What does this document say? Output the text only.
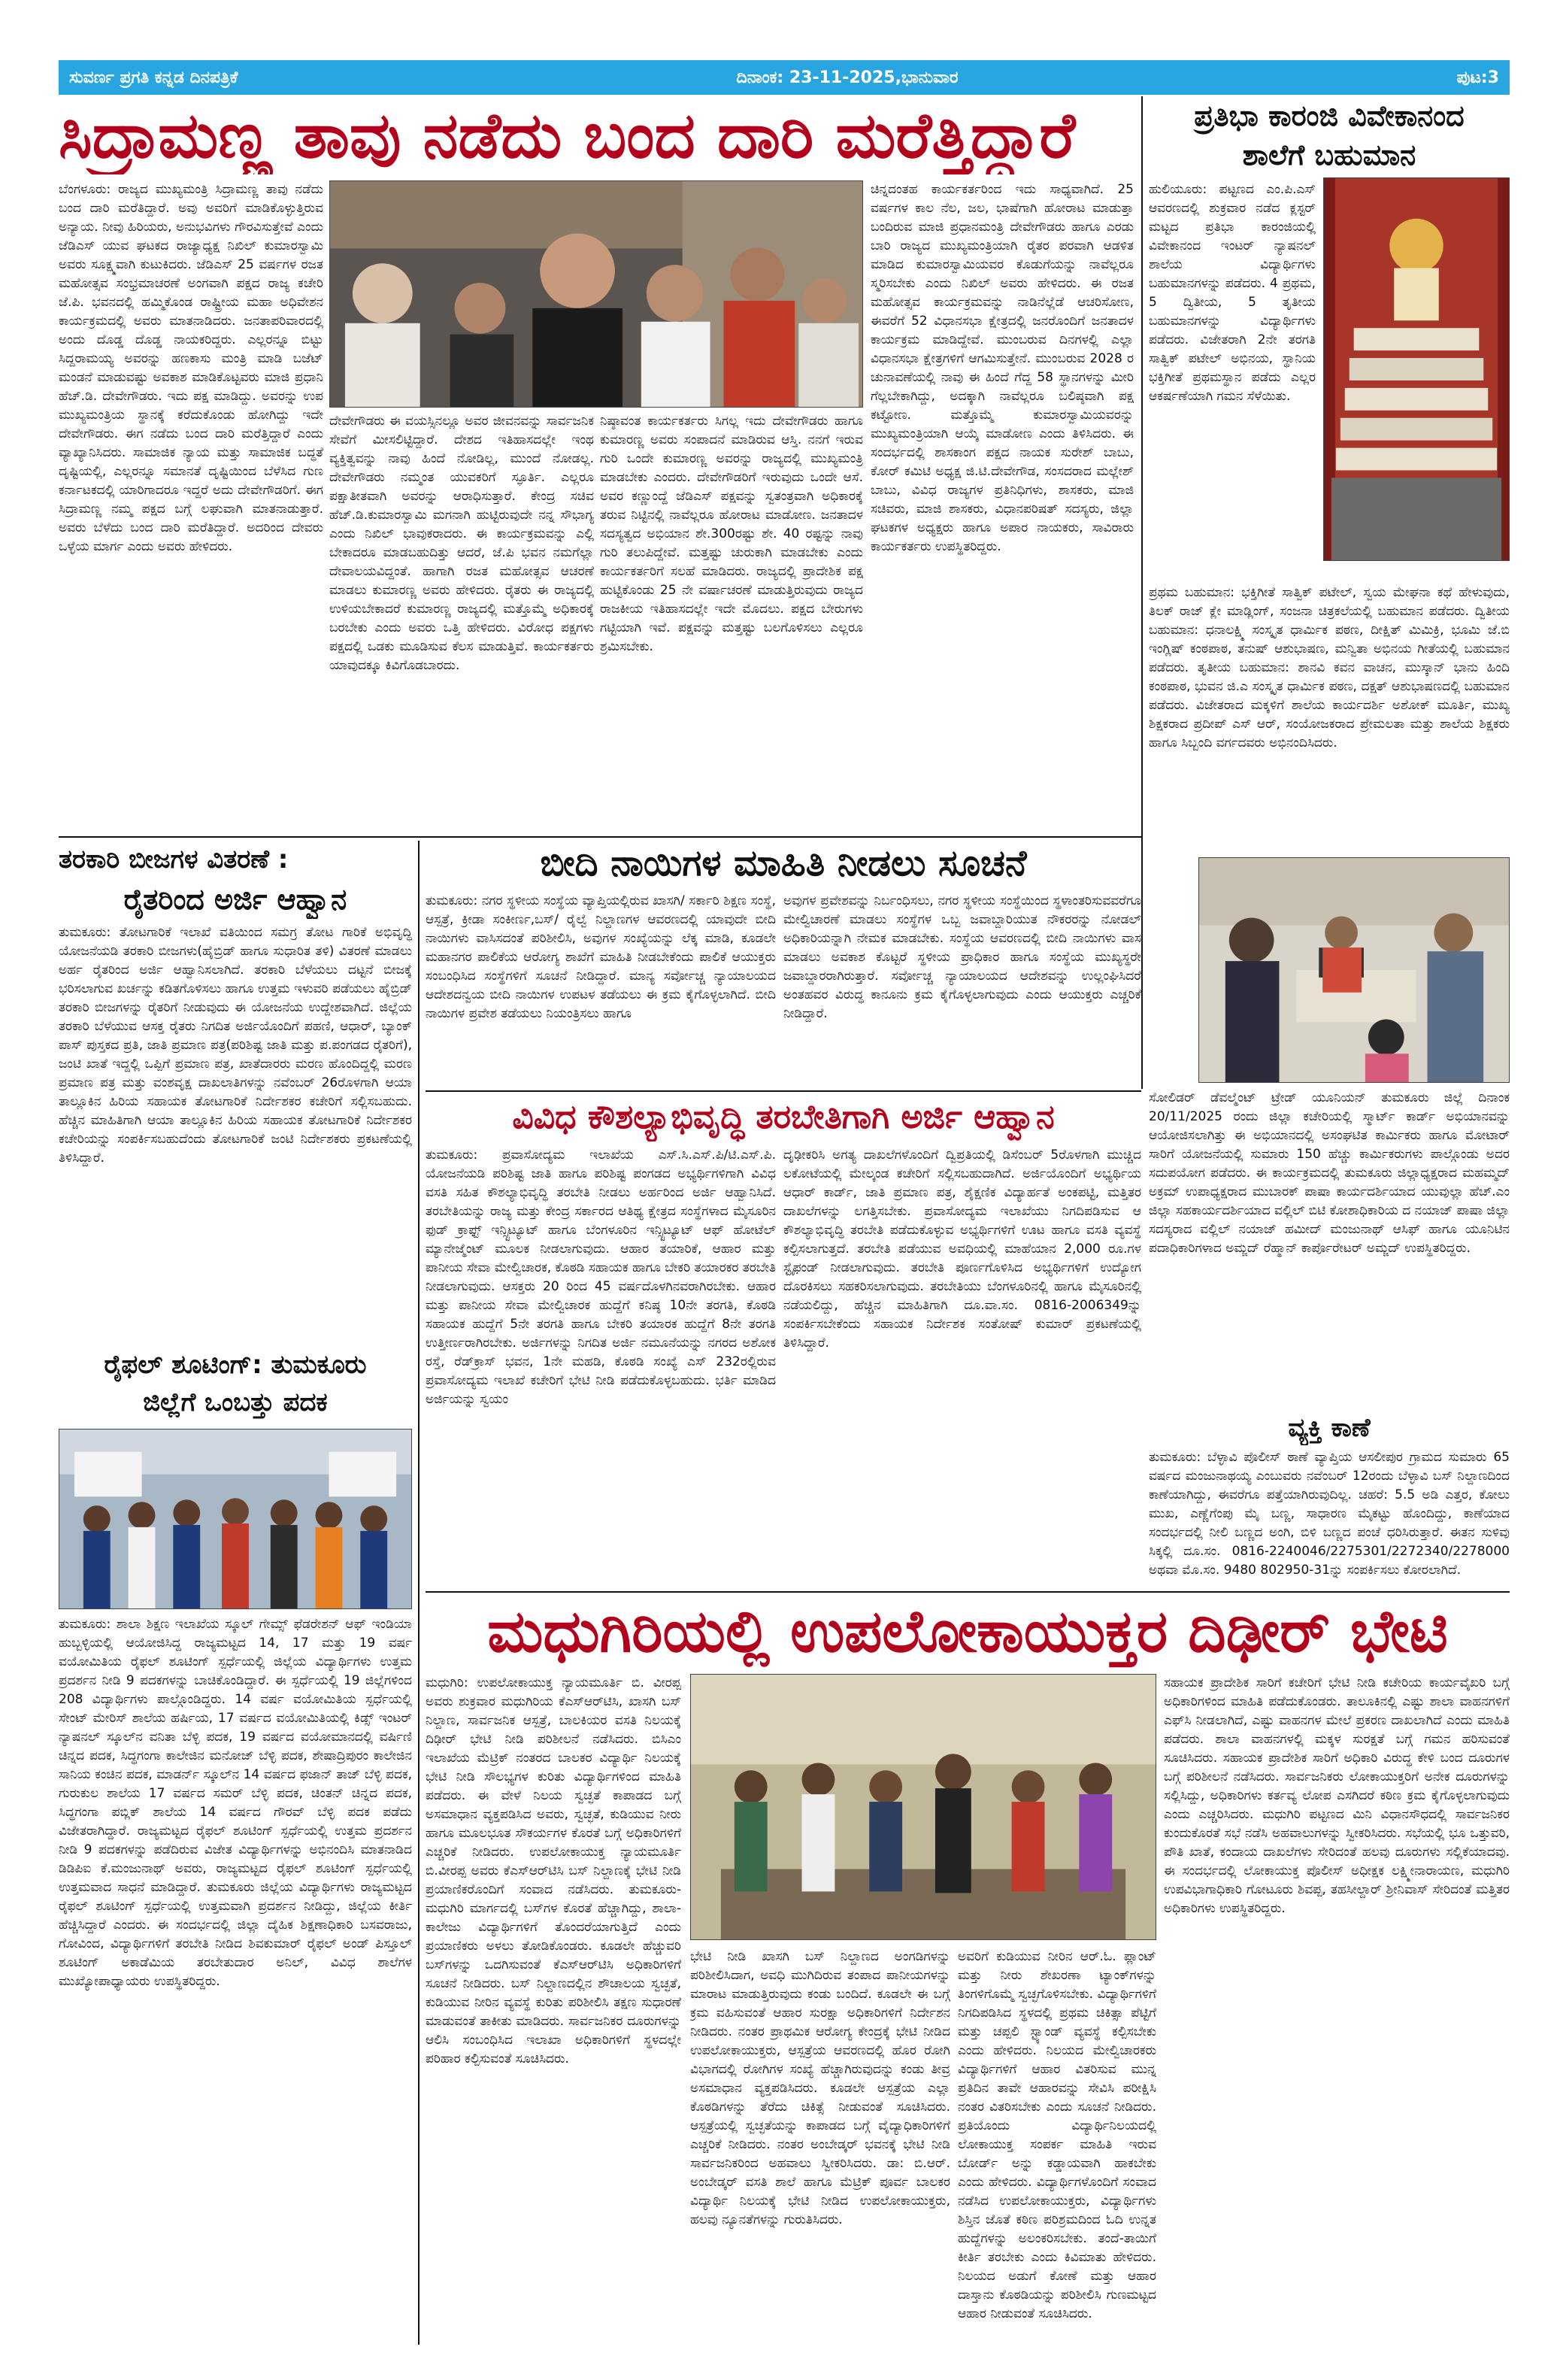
ಸುವರ್ಣ ಪ್ರಗತಿ ಕನ್ನಡ ದಿನಪತ್ರಿಕೆ	ದಿನಾಂಕ: 23-11-2025,ಭಾನುವಾರ	ಪುಟ:3
ಸಿದ್ರಾಮಣ್ಣ ತಾವು ನಡೆದು ಬಂದ ದಾರಿ ಮರೆತ್ತಿದ್ದಾರೆ
ಬೆಂಗಳೂರು: ರಾಜ್ಯದ ಮುಖ್ಯಮಂತ್ರಿ ಸಿದ್ರಾಮಣ್ಣ ತಾವು ನಡೆದು ಬಂದ ದಾರಿ ಮರೆತಿದ್ದಾರೆ. ಅವು ಅವರಿಗೆ ಮಾಡಿಕೊಳ್ಳುತ್ತಿರುವ ಅನ್ಯಾಯ. ನೀವು ಹಿರಿಯರು, ಅನುಭವಿಗಳು ಗೌರವಿಸುತ್ತೇವೆ ಎಂದು ಜೆಡಿಎಸ್ ಯುವ ಘಟಕದ ರಾಜ್ಯಾಧ್ಯಕ್ಷ ನಿಖಿಲ್ ಕುಮಾರಸ್ವಾಮಿ ಅವರು ಸೂಕ್ಷ್ಮವಾಗಿ ಕುಟುಕಿದರು. ಜೆಡಿಎಸ್ 25 ವರ್ಷಗಳ ರಜತ ಮಹೋತ್ಸವ ಸಂಭ್ರಮಾಚರಣೆ ಅಂಗವಾಗಿ ಪಕ್ಷದ ರಾಜ್ಯ ಕಚೇರಿ ಜೆ.ಪಿ. ಭವನದಲ್ಲಿ ಹಮ್ಮಿಕೊಂಡ ರಾಷ್ಟ್ರೀಯ ಮಹಾ ಅಧಿವೇಶನ ಕಾರ್ಯಕ್ರಮದಲ್ಲಿ ಅವರು ಮಾತನಾಡಿದರು. ಜನತಾಪರಿವಾರದಲ್ಲಿ ಅಂದು ದೊಡ್ಡ ದೊಡ್ಡ ನಾಯಕರಿದ್ದರು. ಎಲ್ಲರನ್ನೂ ಬಿಟ್ಟು ಸಿದ್ದರಾಮಯ್ಯ ಅವರನ್ನು ಹಣಕಾಸು ಮಂತ್ರಿ ಮಾಡಿ ಬಜೆಟ್ ಮಂಡನೆ ಮಾಡುವಷ್ಟು ಅವಕಾಶ ಮಾಡಿಕೊಟ್ಟವರು ಮಾಜಿ ಪ್ರಧಾನಿ ಹೆಚ್.ಡಿ. ದೇವೇಗೌಡರು. ಇದು ಪಕ್ಷ ಮಾಡಿದ್ದು. ಅವರನ್ನು ಉಪ ಮುಖ್ಯಮಂತ್ರಿಯ ಸ್ಥಾನಕ್ಕೆ ಕರೆದುಕೊಂಡು ಹೋಗಿದ್ದು ಇದೇ ದೇವೇಗೌಡರು. ಈಗ ನಡೆದು ಬಂದ ದಾರಿ ಮರೆತ್ತಿದ್ದಾರೆ ಎಂದು ವ್ಯಾಖ್ಯಾನಿಸಿದರು. ಸಾಮಾಜಿಕ ನ್ಯಾಯ ಮತ್ತು ಸಾಮಾಜಿಕ ಬದ್ಧತೆ ದೃಷ್ಟಿಯಲ್ಲಿ, ಎಲ್ಲರನ್ನೂ ಸಮಾನತೆ ದೃಷ್ಟಿಯಿಂದ ಬೆಳೆಸಿದ ಗುಣ ಕರ್ನಾಟಕದಲ್ಲಿ ಯಾರಿಗಾದರೂ ಇದ್ದರೆ ಅದು ದೇವೇಗೌಡರಿಗೆ. ಈಗ ಸಿದ್ರಾಮಣ್ಣ ನಮ್ಮ ಪಕ್ಷದ ಬಗ್ಗೆ ಲಘುವಾಗಿ ಮಾತನಾಡುತ್ತಾರೆ. ಅವರು ಬೆಳೆದು ಬಂದ ದಾರಿ ಮರೆತಿದ್ದಾರೆ. ಅದರಿಂದ ದೇವರು ಒಳ್ಳೆಯ ಮಾರ್ಗ ಎಂದು ಅವರು ಹೇಳಿದರು.
ದೇವೇಗೌಡರು ಈ ವಯಸ್ಸಿನಲ್ಲೂ ಅವರ ಜೀವನವನ್ನು ಸಾರ್ವಜನಿಕ ಸೇವೆಗೆ ಮೀಸಲಿಟ್ಟಿದ್ದಾರೆ. ದೇಶದ ಇತಿಹಾಸದಲ್ಲೇ ಇಂಥ ವ್ಯಕ್ತಿತ್ವವನ್ನು ನಾವು ಹಿಂದೆ ನೋಡಿಲ್ಲ, ಮುಂದೆ ನೋಡಲ್ಲ. ದೇವೇಗೌಡರು ನಮ್ಮಂತ ಯುವಕರಿಗೆ ಸ್ಫೂರ್ತಿ. ಎಲ್ಲರೂ ಪಕ್ಷಾತೀತವಾಗಿ ಅವರನ್ನು ಆರಾಧಿಸುತ್ತಾರೆ. ಕೇಂದ್ರ ಸಚಿವ ಹೆಚ್.ಡಿ.ಕುಮಾರಸ್ವಾಮಿ ಮಗನಾಗಿ ಹುಟ್ಟಿರುವುದೇ ನನ್ನ ಸೌಭಾಗ್ಯ ಎಂದು ನಿಖಿಲ್ ಭಾವುಕರಾದರು. ಈ ಕಾರ್ಯಕ್ರಮವನ್ನು ಎಲ್ಲಿ ಬೇಕಾದರೂ ಮಾಡಬಹುದಿತ್ತು ಆದರೆ, ಜೆ.ಪಿ ಭವನ ನಮಗೆಲ್ಲಾ ದೇವಾಲಯವಿದ್ದಂತೆ. ಹಾಗಾಗಿ ರಜತ ಮಹೋತ್ಸವ ಆಚರಣೆ ಮಾಡಲು ಕುಮಾರಣ್ಣ ಅವರು ಹೇಳಿದರು. ರೈತರು ಈ ರಾಜ್ಯದಲ್ಲಿ ಉಳಿಯಬೇಕಾದರೆ ಕುಮಾರಣ್ಣ ರಾಜ್ಯದಲ್ಲಿ ಮತ್ತೊಮ್ಮೆ ಅಧಿಕಾರಕ್ಕೆ ಬರಬೇಕು ಎಂದು ಅವರು ಒತ್ತಿ ಹೇಳಿದರು. ವಿರೋಧ ಪಕ್ಷಗಳು ಪಕ್ಷದಲ್ಲಿ ಒಡಕು ಮೂಡಿಸುವ ಕೆಲಸ ಮಾಡುತ್ತಿವೆ. ಕಾರ್ಯಕರ್ತರು ಯಾವುದಕ್ಕೂ ಕಿವಿಗೊಡಬಾರದು.
ನಿಷ್ಠಾವಂತ ಕಾರ್ಯಕರ್ತರು ಸಿಗಲ್ಲ ಇದು ದೇವೇಗೌಡರು ಹಾಗೂ ಕುಮಾರಣ್ಣ ಅವರು ಸಂಪಾದನೆ ಮಾಡಿರುವ ಆಸ್ತಿ. ನನಗೆ ಇರುವ ಗುರಿ ಒಂದೇ ಕುಮಾರಣ್ಣ ಅವರನ್ನು ರಾಜ್ಯದಲ್ಲಿ ಮುಖ್ಯಮಂತ್ರಿ ಮಾಡಬೇಕು ಎಂದರು. ದೇವೇಗೌಡರಿಗೆ ಇರುವುದು ಒಂದೇ ಆಸೆ. ಅವರ ಕಣ್ಣುಂದ್ದೆ ಜೆಡಿಎಸ್ ಪಕ್ಷವನ್ನು ಸ್ವತಂತ್ರವಾಗಿ ಅಧಿಕಾರಕ್ಕೆ ತರುವ ನಿಟ್ಟಿನಲ್ಲಿ ನಾವೆಲ್ಲರೂ ಹೋರಾಟ ಮಾಡೋಣ. ಜನತಾದಳ ಸದಸ್ಯತ್ವದ ಅಭಿಯಾನ ಶೇ.300ರಷ್ಟು ಶೇ. 40 ರಷ್ಟನ್ನು ನಾವು ಗುರಿ ತಲುಪಿದ್ದೇವೆ. ಮತ್ತಷ್ಟು ಚುರುಕಾಗಿ ಮಾಡಬೇಕು ಎಂದು ಕಾರ್ಯಕರ್ತರಿಗೆ ಸಲಹೆ ಮಾಡಿದರು. ರಾಜ್ಯದಲ್ಲಿ ಪ್ರಾದೇಶಿಕ ಪಕ್ಷ ಹುಟ್ಟಿಕೊಂಡು 25 ನೇ ವರ್ಷಾಚರಣೆ ಮಾಡುತ್ತಿರುವುದು ರಾಜ್ಯದ ರಾಜಕೀಯ ಇತಿಹಾಸದಲ್ಲೇ ಇದೇ ಮೊದಲು. ಪಕ್ಷದ ಬೇರುಗಳು ಗಟ್ಟಿಯಾಗಿ ಇವೆ. ಪಕ್ಷವನ್ನು ಮತ್ತಷ್ಟು ಬಲಗೊಳಿಸಲು ಎಲ್ಲರೂ ಶ್ರಮಿಸಬೇಕು.
ಚಿನ್ನದಂತಹ ಕಾರ್ಯಕರ್ತರಿಂದ ಇದು ಸಾಧ್ಯವಾಗಿದೆ. 25 ವರ್ಷಗಳ ಕಾಲ ನೆಲ, ಜಲ, ಭಾಷೆಗಾಗಿ ಹೋರಾಟ ಮಾಡುತ್ತಾ ಬಂದಿರುವ ಮಾಜಿ ಪ್ರಧಾನಮಂತ್ರಿ ದೇವೇಗೌಡರು ಹಾಗೂ ಎರಡು ಬಾರಿ ರಾಜ್ಯದ ಮುಖ್ಯಮಂತ್ರಿಯಾಗಿ ರೈತರ ಪರವಾಗಿ ಆಡಳಿತ ಮಾಡಿದ ಕುಮಾರಸ್ವಾಮಿಯವರ ಕೊಡುಗೆಯನ್ನು ನಾವೆಲ್ಲರೂ ಸ್ಮರಿಸಬೇಕು ಎಂದು ನಿಖಿಲ್ ಅವರು ಹೇಳಿದರು. ಈ ರಜತ ಮಹೋತ್ಸವ ಕಾರ್ಯಕ್ರಮವನ್ನು ನಾಡಿನೆಲ್ಲೆಡೆ ಆಚರಿಸೋಣ, ಈವರೆಗೆ 52 ವಿಧಾನಸಭಾ ಕ್ಷೇತ್ರದಲ್ಲಿ ಜನರೊಂದಿಗೆ ಜನತಾದಳ ಕಾರ್ಯಕ್ರಮ ಮಾಡಿದ್ದೇವೆ. ಮುಂಬರುವ ದಿನಗಳಲ್ಲಿ ಎಲ್ಲಾ ವಿಧಾನಸಭಾ ಕ್ಷೇತ್ರಗಳಿಗೆ ಆಗಮಿಸುತ್ತೇನೆ. ಮುಂಬರುವ 2028 ರ ಚುನಾವಣೆಯಲ್ಲಿ ನಾವು ಈ ಹಿಂದೆ ಗೆದ್ದ 58 ಸ್ಥಾನಗಳನ್ನು ಮೀರಿ ಗೆಲ್ಲಬೇಕಾಗಿದ್ದು, ಅದಕ್ಕಾಗಿ ನಾವೆಲ್ಲರೂ ಬಲಿಷ್ಠವಾಗಿ ಪಕ್ಷ ಕಟ್ಟೋಣ. ಮತ್ತೊಮ್ಮೆ ಕುಮಾರಸ್ವಾಮಿಯವರನ್ನು ಮುಖ್ಯಮಂತ್ರಿಯಾಗಿ ಆಯ್ಕೆ ಮಾಡೋಣ ಎಂದು ತಿಳಿಸಿದರು. ಈ ಸಂದರ್ಭದಲ್ಲಿ ಶಾಸಕಾಂಗ ಪಕ್ಷದ ನಾಯಕ ಸುರೇಶ್ ಬಾಬು, ಕೋರ್ ಕಮಿಟಿ ಅಧ್ಯಕ್ಷ ಜಿ.ಟಿ.ದೇವೇಗೌಡ, ಸಂಸದರಾದ ಮಲ್ಲೇಶ್ ಬಾಬು, ವಿವಿಧ ರಾಜ್ಯಗಳ ಪ್ರತಿನಿಧಿಗಳು, ಶಾಸಕರು, ಮಾಜಿ ಸಚಿವರು, ಮಾಜಿ ಶಾಸಕರು, ವಿಧಾನಪರಿಷತ್ ಸದಸ್ಯರು, ಜಿಲ್ಲಾ ಘಟಕಗಳ ಅಧ್ಯಕ್ಷರು ಹಾಗೂ ಅಪಾರ ನಾಯಕರು, ಸಾವಿರಾರು ಕಾರ್ಯಕರ್ತರು ಉಪಸ್ಥಿತರಿದ್ದರು.
ಪ್ರತಿಭಾ ಕಾರಂಜಿ ವಿವೇಕಾನಂದ
ಶಾಲೆಗೆ ಬಹುಮಾನ
ಹುಲಿಯೂರು: ಪಟ್ಟಣದ ಎಂ.ಪಿ.ಎಸ್ ಆವರಣದಲ್ಲಿ ಶುಕ್ರವಾರ ನಡೆದ ಕ್ಲಸ್ಟರ್ ಮಟ್ಟದ ಪ್ರತಿಭಾ ಕಾರಂಜಿಯಲ್ಲಿ ವಿವೇಕಾನಂದ ಇಂಟರ್ ನ್ಯಾಷನಲ್ ಶಾಲೆಯ ವಿದ್ಯಾರ್ಥಿಗಳು ಬಹುಮಾನಗಳನ್ನು ಪಡೆದರು. 4 ಪ್ರಥಮ, 5 ದ್ವಿತೀಯ, 5 ತೃತೀಯ ಬಹುಮಾನಗಳನ್ನು ವಿದ್ಯಾರ್ಥಿಗಳು ಪಡೆದರು. ವಿಜೇತರಾಗಿ 2ನೇ ತರಗತಿ ಸಾತ್ವಿಕ್ ಪಟೇಲ್ ಅಭಿನಯ, ಸ್ಥಾನಿಯ ಭಕ್ತಿಗೀತೆ ಪ್ರಥಮಸ್ಥಾನ ಪಡೆದು ಎಲ್ಲರ ಆಕರ್ಷಣೆಯಾಗಿ ಗಮನ ಸೆಳೆಯಿತು.
ಪ್ರಥಮ ಬಹುಮಾನ: ಭಕ್ತಿಗೀತೆ ಸಾತ್ವಿಕ್ ಪಟೇಲ್, ಸ್ವಯ ಮೇಘನಾ ಕಥೆ ಹೇಳುವುದು, ತಿಲಕ್ ರಾಜ್ ಕ್ಲೇ ಮಾಡ್ಲಿಂಗ್, ಸಂಜನಾ ಚಿತ್ರಕಲೆಯಲ್ಲಿ ಬಹುಮಾನ ಪಡೆದರು. ದ್ವಿತೀಯ ಬಹುಮಾನ: ಧನಾಲಕ್ಷ್ಮಿ ಸಂಸ್ಕೃತ ಧಾರ್ಮಿಕ ಪಠಣ, ದೀಕ್ಷಿತ್ ಮಿಮಿಕ್ರಿ, ಭೂಮಿ ಜೆ.ಬಿ ಇಂಗ್ಲಿಷ್ ಕಂಠಪಾಠ, ತನುಷ್ ಆಶುಭಾಷಣ, ಮನ್ವಿತಾ ಅಭಿನಯ ಗೀತೆಯಲ್ಲಿ ಬಹುಮಾನ ಪಡೆದರು. ತೃತೀಯ ಬಹುಮಾನ: ಶಾನವಿ ಕವನ ವಾಚನ, ಮುಸ್ಕಾನ್ ಭಾನು ಹಿಂದಿ ಕಂಠಪಾಠ, ಭುವನ ಜಿ.ಎ ಸಂಸ್ಕೃತ ಧಾರ್ಮಿಕ ಪಠಣ, ದಕ್ಷತ್ ಆಶುಭಾಷಣದಲ್ಲಿ ಬಹುಮಾನ ಪಡೆದರು. ವಿಜೇತರಾದ ಮಕ್ಕಳಿಗೆ ಶಾಲೆಯ ಕಾರ್ಯದರ್ಶಿ ಅಶೋಕ್ ಮೂರ್ತಿ, ಮುಖ್ಯ ಶಿಕ್ಷಕರಾದ ಪ್ರದೀಪ್ ಎಸ್ ಆರ್, ಸಂಯೋಜಕರಾದ ಪ್ರೇಮಲತಾ ಮತ್ತು ಶಾಲೆಯ ಶಿಕ್ಷಕರು ಹಾಗೂ ಸಿಬ್ಬಂದಿ ವರ್ಗದವರು ಅಭಿನಂದಿಸಿದರು.
ಸೋಲಿಡರ್ ಡೆವಲ್ಮೆಂಟ್ ಟ್ರೇಡ್ ಯೂನಿಯನ್ ತುಮಕೂರು ಜಿಲ್ಲೆ ದಿನಾಂಕ 20/11/2025 ರಂದು ಜಿಲ್ಲಾ ಕಚೇರಿಯಲ್ಲಿ ಸ್ಮಾರ್ಟ್ ಕಾರ್ಡ್ ಅಭಿಯಾನವನ್ನು ಆಯೋಜಿಸಲಾಗಿತ್ತು ಈ ಅಭಿಯಾನದಲ್ಲಿ ಅಸಂಘಟಿತ ಕಾರ್ಮಿಕರು ಹಾಗೂ ಮೋಟಾರ್ ಸಾರಿಗೆ ಯೋಜನೆಯಲ್ಲಿ ಸುಮಾರು 150 ಹೆಚ್ಚು ಕಾರ್ಮಿಕರುಗಳು ಪಾಲ್ಗೊಂಡು ಅದರ ಸದುಪಯೋಗ ಪಡೆದರು. ಈ ಕಾರ್ಯಕ್ರಮದಲ್ಲಿ ತುಮಕೂರು ಜಿಲ್ಲಾಧ್ಯಕ್ಷರಾದ ಮಹಮ್ಮದ್ ಅಕ್ರಮ್ ಉಪಾಧ್ಯಕ್ಷರಾದ ಮುಬಾರಕ್ ಪಾಷಾ ಕಾರ್ಯದರ್ಶಿಯಾದ ಯುವುಲ್ಲಾ ಹೆಚ್.ಎಂ ಜಿಲ್ಲಾ ಸಹಕಾರ್ಯದರ್ಶಿಯಾದ ವಲ್ಲಿಲ್ ಬಿಟಿ ಕೋಶಾಧಿಕಾರಿಯ ದ ನಯಾಜ್ ಪಾಷಾ ಜಿಲ್ಲಾ ಸದಸ್ಯರಾದ ವಲ್ಲಿಲ್ ನಯಾಜ್ ಹಮೀದ್ ಮಂಜುನಾಥ್ ಆಸಿಫ್ ಹಾಗೂ ಯೂನಿಟಿನ ಪದಾಧಿಕಾರಿಗಳಾದ ಅಮ್ಜದ್ ರೆಹ್ಮಾನ್ ಕಾರ್ಪೊರೇಟರ್ ಅಮ್ಜದ್ ಉಪಸ್ಥಿತರಿದ್ದರು.
ತರಕಾರಿ ಬೀಜಗಳ ವಿತರಣೆ :
ರೈತರಿಂದ ಅರ್ಜಿ ಆಹ್ವಾನ
ತುಮಕೂರು: ತೋಟಗಾರಿಕೆ ಇಲಾಖೆ ವತಿಯಿಂದ ಸಮಗ್ರ ತೋಟ ಗಾರಿಕೆ ಅಭಿವೃದ್ಧಿ ಯೋಜನೆಯಡಿ ತರಕಾರಿ ಬೀಜಗಳು(ಹೈಬ್ರಿಡ್ ಹಾಗೂ ಸುಧಾರಿತ ತಳಿ) ವಿತರಣೆ ಮಾಡಲು ಅರ್ಹ ರೈತರಿಂದ ಅರ್ಜಿ ಆಹ್ವಾನಿಸಲಾಗಿದೆ. ತರಕಾರಿ ಬೆಳೆಯಲು ದಟ್ಟನೆ ಬೀಜಕ್ಕೆ ಭರಿಸಲಾಗುವ ಖರ್ಚನ್ನು ಕಡಿತಗೊಳಿಸಲು ಹಾಗೂ ಉತ್ತಮ ಇಳುವರಿ ಪಡೆಯಲು ಹೈಬ್ರಿಡ್ ತರಕಾರಿ ಬೀಜಗಳನ್ನು ರೈತರಿಗೆ ನೀಡುವುದು ಈ ಯೋಜನೆಯ ಉದ್ದೇಶವಾಗಿದೆ. ಜಿಲ್ಲೆಯ ತರಕಾರಿ ಬೆಳೆಯುವ ಆಸಕ್ತ ರೈತರು ನಿಗದಿತ ಅರ್ಜಿಯೊಂದಿಗೆ ಪಹಣಿ, ಆಧಾರ್, ಬ್ಯಾಂಕ್ ಪಾಸ್ ಪುಸ್ತಕದ ಪ್ರತಿ, ಜಾತಿ ಪ್ರಮಾಣ ಪತ್ರ(ಪರಿಶಿಷ್ಟ ಜಾತಿ ಮತ್ತು ಪ.ಪಂಗಡದ ರೈತರಿಗೆ), ಜಂಟಿ ಖಾತೆ ಇದ್ದಲ್ಲಿ ಒಪ್ಪಿಗೆ ಪ್ರಮಾಣ ಪತ್ರ, ಖಾತೆದಾರರು ಮರಣ ಹೊಂದಿದ್ದಲ್ಲಿ ಮರಣ ಪ್ರಮಾಣ ಪತ್ರ ಮತ್ತು ವಂಶವೃಕ್ಷ ದಾಖಲಾತಿಗಳನ್ನು ನವೆಂಬರ್ 26ರೊಳಗಾಗಿ ಆಯಾ ತಾಲ್ಲೂಕಿನ ಹಿರಿಯ ಸಹಾಯಕ ತೋಟಗಾರಿಕೆ ನಿರ್ದೇಶಕರ ಕಚೇರಿಗೆ ಸಲ್ಲಿಸಬಹುದು. ಹೆಚ್ಚಿನ ಮಾಹಿತಿಗಾಗಿ ಆಯಾ ತಾಲ್ಲೂಕಿನ ಹಿರಿಯ ಸಹಾಯಕ ತೋಟಗಾರಿಕೆ ನಿರ್ದೇಶಕರ ಕಚೇರಿಯನ್ನು ಸಂಪರ್ಕಿಸಬಹುದೆಂದು ತೋಟಗಾರಿಕೆ ಜಂಟಿ ನಿರ್ದೇಶಕರು ಪ್ರಕಟಣೆಯಲ್ಲಿ ತಿಳಿಸಿದ್ದಾರೆ.
ರೈಫಲ್ ಶೂಟಿಂಗ್: ತುಮಕೂರು
ಜಿಲ್ಲೆಗೆ ಒಂಬತ್ತು ಪದಕ
ತುಮಕೂರು: ಶಾಲಾ ಶಿಕ್ಷಣ ಇಲಾಖೆಯ ಸ್ಕೂಲ್ ಗೇಮ್ಸ್ ಫೆಡರೇಶನ್ ಆಫ್ ಇಂಡಿಯಾ ಹುಬ್ಬಳ್ಳಿಯಲ್ಲಿ ಆಯೋಜಿಸಿದ್ದ ರಾಜ್ಯಮಟ್ಟದ 14, 17 ಮತ್ತು 19 ವರ್ಷ ವಯೋಮಿತಿಯ ರೈಫಲ್ ಶೂಟಿಂಗ್ ಸ್ಪರ್ಧೆಯಲ್ಲಿ ಜಿಲ್ಲೆಯ ವಿದ್ಯಾರ್ಥಿಗಳು ಉತ್ತಮ ಪ್ರದರ್ಶನ ನೀಡಿ 9 ಪದಕಗಳನ್ನು ಬಾಚಿಕೊಂಡಿದ್ದಾರೆ. ಈ ಸ್ಪರ್ಧೆಯಲ್ಲಿ 19 ಜಿಲ್ಲೆಗಳಿಂದ 208 ವಿದ್ಯಾರ್ಥಿಗಳು ಪಾಲ್ಗೊಂಡಿದ್ದರು. 14 ವರ್ಷ ವಯೋಮಿತಿಯ ಸ್ಪರ್ಧೆಯಲ್ಲಿ ಸೇಂಟ್ ಮೇರಿಸ್ ಶಾಲೆಯ ಹರ್ಷಿಯ, 17 ವರ್ಷದ ವಯೋಮಿತಿಯಲ್ಲಿ ಕಿಡ್ಸ್ ಇಂಟರ್ ನ್ಯಾಷನಲ್ ಸ್ಕೂಲ್‌ನ ವನಿತಾ ಬೆಳ್ಳಿ ಪದಕ, 19 ವರ್ಷದ ವಯೋಮಾನದಲ್ಲಿ ವರ್ಷಿಣಿ ಚಿನ್ನದ ಪದಕ, ಸಿದ್ಧಗಂಗಾ ಕಾಲೇಜಿನ ಮನೋಜ್ ಬೆಳ್ಳಿ ಪದಕ, ಶೇಷಾದ್ರಿಪುರಂ ಕಾಲೇಜಿನ ಸಾನಿಯ ಕಂಚಿನ ಪದಕ, ಮಾಡರ್ನ್ ಸ್ಕೂಲ್‌ನ 14 ವರ್ಷದ ಫಜಾನ್ ತಾಜ್ ಬೆಳ್ಳಿ ಪದಕ, ಗುರುಕುಲ ಶಾಲೆಯ 17 ವರ್ಷದ ಸಮರ್ ಬೆಳ್ಳಿ ಪದಕ, ಚಿಂತನ್ ಚಿನ್ನದ ಪದಕ, ಸಿದ್ಧಗಂಗಾ ಪಬ್ಲಿಕ್ ಶಾಲೆಯ 14 ವರ್ಷದ ಗೌರವ್ ಬೆಳ್ಳಿ ಪದಕ ಪಡೆದು ವಿಜೇತರಾಗಿದ್ದಾರೆ. ರಾಜ್ಯಮಟ್ಟದ ರೈಫಲ್ ಶೂಟಿಂಗ್ ಸ್ಪರ್ಧೆಯಲ್ಲಿ ಉತ್ತಮ ಪ್ರದರ್ಶನ ನೀಡಿ 9 ಪದಕಗಳನ್ನು ಪಡೆದಿರುವ ವಿಜೇತ ವಿದ್ಯಾರ್ಥಿಗಳನ್ನು ಅಭಿನಂದಿಸಿ ಮಾತನಾಡಿದ ಡಿಡಿಪಿಐ ಕೆ.ಮಂಜುನಾಥ್ ಅವರು, ರಾಜ್ಯಮಟ್ಟದ ರೈಫಲ್ ಶೂಟಿಂಗ್ ಸ್ಪರ್ಧೆಯಲ್ಲಿ ಉತ್ತಮವಾದ ಸಾಧನೆ ಮಾಡಿದ್ದಾರೆ. ತುಮಕೂರು ಜಿಲ್ಲೆಯ ವಿದ್ಯಾರ್ಥಿಗಳು ರಾಜ್ಯಮಟ್ಟದ ರೈಫಲ್ ಶೂಟಿಂಗ್ ಸ್ಪರ್ಧೆಯಲ್ಲಿ ಉತ್ತಮವಾಗಿ ಪ್ರದರ್ಶನ ನೀಡಿದ್ದು, ಜಿಲ್ಲೆಯ ಕೀರ್ತಿ ಹೆಚ್ಚಿಸಿದ್ದಾರೆ ಎಂದರು. ಈ ಸಂದರ್ಭದಲ್ಲಿ ಜಿಲ್ಲಾ ದೈಹಿಕ ಶಿಕ್ಷಣಾಧಿಕಾರಿ ಬಸವರಾಜು, ಗೋವಿಂದ, ವಿದ್ಯಾರ್ಥಿಗಳಿಗೆ ತರಬೇತಿ ನೀಡಿದ ಶಿವಕುಮಾರ್ ರೈಫಲ್ ಅಂಡ್ ಪಿಸ್ತೂಲ್ ಶೂಟಿಂಗ್ ಅಕಾಡೆಮಿಯ ತರಬೇತುದಾರ ಅನಿಲ್, ವಿವಿಧ ಶಾಲೆಗಳ ಮುಖ್ಯೋಪಾಧ್ಯಾಯರು ಉಪಸ್ಥಿತರಿದ್ದರು.
ಬೀದಿ ನಾಯಿಗಳ ಮಾಹಿತಿ ನೀಡಲು ಸೂಚನೆ
ತುಮಕೂರು: ನಗರ ಸ್ಥಳೀಯ ಸಂಸ್ಥೆಯ ವ್ಯಾಪ್ತಿಯಲ್ಲಿರುವ ಖಾಸಗಿ/ ಸರ್ಕಾರಿ ಶಿಕ್ಷಣ ಸಂಸ್ಥೆ, ಆಸ್ಪತ್ರೆ, ಕ್ರೀಡಾ ಸಂಕೀರ್ಣ,ಬಸ್/ ರೈಲ್ವೆ ನಿಲ್ದಾಣಗಳ ಆವರಣದಲ್ಲಿ ಯಾವುದೇ ಬೀದಿ ನಾಯಿಗಳು ವಾಸಿಸದಂತೆ ಪರಿಶೀಲಿಸಿ, ಅವುಗಳ ಸಂಖ್ಯೆಯನ್ನು ಲೆಕ್ಕ ಮಾಡಿ, ಕೂಡಲೇ ಮಹಾನಗರ ಪಾಲಿಕೆಯ ಆರೋಗ್ಯ ಶಾಖೆಗೆ ಮಾಹಿತಿ ನೀಡಬೇಕೆಂದು ಪಾಲಿಕೆ ಆಯುಕ್ತರು ಸಂಬಂಧಿಸಿದ ಸಂಸ್ಥೆಗಳಿಗೆ ಸೂಚನೆ ನೀಡಿದ್ದಾರೆ. ಮಾನ್ಯ ಸರ್ವೋಚ್ಚ ನ್ಯಾಯಾಲಯದ ಆದೇಶದನ್ವಯ ಬೀದಿ ನಾಯಿಗಳ ಉಪಟಳ ತಡೆಯಲು ಈ ಕ್ರಮ ಕೈಗೊಳ್ಳಲಾಗಿದೆ. ಬೀದಿ ನಾಯಿಗಳ ಪ್ರವೇಶ ತಡೆಯಲು ನಿಯಂತ್ರಿಸಲು ಹಾಗೂ
ಅವುಗಳ ಪ್ರವೇಶವನ್ನು ನಿರ್ಬಂಧಿಸಲು, ನಗರ ಸ್ಥಳೀಯ ಸಂಸ್ಥೆಯಿಂದ ಸ್ಥಳಾಂತರಿಸುವವರೆಗೂ ಮೇಲ್ವಿಚಾರಣೆ ಮಾಡಲು ಸಂಸ್ಥೆಗಳ ಒಬ್ಬ ಜವಾಬ್ದಾರಿಯುತ ನೌಕರರನ್ನು ನೋಡಲ್ ಅಧಿಕಾರಿಯನ್ನಾಗಿ ನೇಮಕ ಮಾಡಬೇಕು. ಸಂಸ್ಥೆಯ ಆವರಣದಲ್ಲಿ ಬೀದಿ ನಾಯಿಗಳು ವಾಸ ಮಾಡಲು ಅವಕಾಶ ಕೊಟ್ಟರೆ ಸ್ಥಳೀಯ ಪ್ರಾಧಿಕಾರ ಹಾಗೂ ಸಂಸ್ಥೆಯ ಮುಖ್ಯಸ್ಥರೇ ಜವಾಬ್ದಾರರಾಗಿರುತ್ತಾರೆ. ಸರ್ವೋಚ್ಚ ನ್ಯಾಯಾಲಯದ ಆದೇಶವನ್ನು ಉಲ್ಲಂಘಿಸಿದರೆ ಅಂತಹವರ ವಿರುದ್ಧ ಕಾನೂನು ಕ್ರಮ ಕೈಗೊಳ್ಳಲಾಗುವುದು ಎಂದು ಆಯುಕ್ತರು ಎಚ್ಚರಿಕೆ ನೀಡಿದ್ದಾರೆ.
ವಿವಿಧ ಕೌಶಲ್ಯಾಭಿವೃದ್ಧಿ ತರಬೇತಿಗಾಗಿ ಅರ್ಜಿ ಆಹ್ವಾನ
ತುಮಕೂರು: ಪ್ರವಾಸೋದ್ಯಮ ಇಲಾಖೆಯ ಎಸ್.ಸಿ.ಎಸ್.ಪಿ/ಟಿ.ಎಸ್.ಪಿ. ಯೋಜನೆಯಡಿ ಪರಿಶಿಷ್ಟ ಜಾತಿ ಹಾಗೂ ಪರಿಶಿಷ್ಟ ಪಂಗಡದ ಅಭ್ಯರ್ಥಿಗಳಿಗಾಗಿ ವಿವಿಧ ವಸತಿ ಸಹಿತ ಕೌಶಲ್ಯಾಭಿವೃದ್ಧಿ ತರಬೇತಿ ನೀಡಲು ಅರ್ಹರಿಂದ ಅರ್ಜಿ ಆಹ್ವಾನಿಸಿದೆ. ತರಬೇತಿಯನ್ನು ರಾಜ್ಯ ಮತ್ತು ಕೇಂದ್ರ ಸರ್ಕಾರದ ಆತಿಥ್ಯ ಕ್ಷೇತ್ರದ ಸಂಸ್ಥೆಗಳಾದ ಮೈಸೂರಿನ ಫುಡ್ ಕ್ರಾಫ್ಟ್ ಇನ್ಸ್ಟಿಟ್ಯೂಟ್ ಹಾಗೂ ಬೆಂಗಳೂರಿನ ಇನ್ಸ್ಟಿಟ್ಯೂಟ್ ಆಫ್ ಹೋಟೆಲ್ ಮ್ಯಾನೇಜ್ಮೆಂಟ್ ಮೂಲಕ ನೀಡಲಾಗುವುದು. ಆಹಾರ ತಯಾರಿಕೆ, ಆಹಾರ ಮತ್ತು ಪಾನೀಯ ಸೇವಾ ಮೇಲ್ವಿಚಾರಕ, ಕೊಠಡಿ ಸಹಾಯಕ ಹಾಗೂ ಬೇಕರಿ ತಯಾರಕರ ತರಬೇತಿ ನೀಡಲಾಗುವುದು. ಆಸಕ್ತರು 20 ರಿಂದ 45 ವರ್ಷದೊಳಗಿನವರಾಗಿರಬೇಕು. ಆಹಾರ ಮತ್ತು ಪಾನೀಯ ಸೇವಾ ಮೇಲ್ವಿಚಾರಕ ಹುದ್ದೆಗೆ ಕನಿಷ್ಠ 10ನೇ ತರಗತಿ, ಕೊಠಡಿ ಸಹಾಯಕ ಹುದ್ದೆಗೆ 5ನೇ ತರಗತಿ ಹಾಗೂ ಬೇಕರಿ ತಯಾರಕ ಹುದ್ದೆಗೆ 8ನೇ ತರಗತಿ ಉತ್ತೀರ್ಣರಾಗಿರಬೇಕು. ಅರ್ಜಿಗಳನ್ನು ನಿಗದಿತ ಅರ್ಜಿ ನಮೂನೆಯನ್ನು ನಗರದ ಅಶೋಕ ರಸ್ತೆ, ರೆಡ್‌ಕ್ರಾಸ್ ಭವನ, 1ನೇ ಮಹಡಿ, ಕೊಠಡಿ ಸಂಖ್ಯೆ ಎಸ್ 232ರಲ್ಲಿರುವ ಪ್ರವಾಸೋದ್ಯಮ ಇಲಾಖೆ ಕಚೇರಿಗೆ ಭೇಟಿ ನೀಡಿ ಪಡೆದುಕೊಳ್ಳಬಹುದು. ಭರ್ತಿ ಮಾಡಿದ ಅರ್ಜಿಯನ್ನು ಸ್ವಯಂ
ದೃಢೀಕರಿಸಿ ಅಗತ್ಯ ದಾಖಲೆಗಳೊಂದಿಗೆ ದ್ವಿಪ್ರತಿಯಲ್ಲಿ ಡಿಸೆಂಬರ್ 5ರೊಳಗಾಗಿ ಮುಚ್ಚಿದ ಲಕೋಟೆಯಲ್ಲಿ ಮೇಲ್ಕಂಡ ಕಚೇರಿಗೆ ಸಲ್ಲಿಸಬಹುದಾಗಿದೆ. ಅರ್ಜಿಯೊಂದಿಗೆ ಅಭ್ಯರ್ಥಿಯ ಆಧಾರ್ ಕಾರ್ಡ್, ಜಾತಿ ಪ್ರಮಾಣ ಪತ್ರ, ಶೈಕ್ಷಣಿಕ ವಿದ್ಯಾರ್ಹತೆ ಅಂಕಪಟ್ಟಿ, ಮತ್ತಿತರ ದಾಖಲೆಗಳನ್ನು ಲಗತ್ತಿಸಬೇಕು. ಪ್ರವಾಸೋದ್ಯಮ ಇಲಾಖೆಯು ನಿಗದಿಪಡಿಸುವ ಆ ಕೌಶಲ್ಯಾಭಿವೃದ್ಧಿ ತರಬೇತಿ ಪಡೆದುಕೊಳ್ಳುವ ಅಭ್ಯರ್ಥಿಗಳಿಗೆ ಊಟ ಹಾಗೂ ವಸತಿ ವ್ಯವಸ್ಥೆ ಕಲ್ಪಿಸಲಾಗುತ್ತದೆ. ತರಬೇತಿ ಪಡೆಯುವ ಅವಧಿಯಲ್ಲಿ ಮಾಹೆಯಾನ 2,000 ರೂ.ಗಳ ಸ್ಟೈಫಂಡ್ ನೀಡಲಾಗುವುದು. ತರಬೇತಿ ಪೂರ್ಣಗೊಳಿಸಿದ ಅಭ್ಯರ್ಥಿಗಳಿಗೆ ಉದ್ಯೋಗ ದೊರಕಿಸಲು ಸಹಕರಿಸಲಾಗುವುದು. ತರಬೇತಿಯು ಬೆಂಗಳೂರಿನಲ್ಲಿ ಹಾಗೂ ಮೈಸೂರಿನಲ್ಲಿ ನಡೆಯಲಿದ್ದು, ಹೆಚ್ಚಿನ ಮಾಹಿತಿಗಾಗಿ ದೂ.ವಾ.ಸಂ. 0816-2006349ನ್ನು ಸಂಪರ್ಕಿಸಬೇಕೆಂದು ಸಹಾಯಕ ನಿರ್ದೇಶಕ ಸಂತೋಷ್ ಕುಮಾರ್ ಪ್ರಕಟಣೆಯಲ್ಲಿ ತಿಳಿಸಿದ್ದಾರೆ.
ವ್ಯಕ್ತಿ ಕಾಣೆ
ತುಮಕೂರು: ಬೆಳ್ಳಾವಿ ಪೊಲೀಸ್ ಠಾಣೆ ವ್ಯಾಪ್ತಿಯ ಆಸಲೀಪುರ ಗ್ರಾಮದ ಸುಮಾರು 65 ವರ್ಷದ ಮಂಜುನಾಥಯ್ಯ ಎಂಬುವರು ನವೆಂಬರ್ 12ರಂದು ಬೆಳ್ಳಾವಿ ಬಸ್ ನಿಲ್ದಾಣದಿಂದ ಕಾಣೆಯಾಗಿದ್ದು, ಈವರೆಗೂ ಪತ್ತೆಯಾಗಿರುವುದಿಲ್ಲ. ಚಹರೆ: 5.5 ಅಡಿ ಎತ್ತರ, ಕೋಲು ಮುಖ, ಎಣ್ಣೆಗೆಂಪು ಮೈ ಬಣ್ಣ, ಸಾಧಾರಣ ಮೈಕಟ್ಟು ಹೊಂದಿದ್ದು, ಕಾಣೆಯಾದ ಸಂದರ್ಭದಲ್ಲಿ ನೀಲಿ ಬಣ್ಣದ ಅಂಗಿ, ಬಿಳಿ ಬಣ್ಣದ ಪಂಚೆ ಧರಿಸಿರುತ್ತಾರೆ. ಈತನ ಸುಳಿವು ಸಿಕ್ಕಲ್ಲಿ ದೂ.ಸಂ. 0816-2240046/2275301/2272340/2278000 ಅಥವಾ ಮೊ.ಸಂ. 9480 802950-31ನ್ನು ಸಂಪರ್ಕಿಸಲು ಕೋರಲಾಗಿದೆ.
ಮಧುಗಿರಿಯಲ್ಲಿ ಉಪಲೋಕಾಯುಕ್ತರ ದಿಢೀರ್ ಭೇಟಿ
ಮಧುಗಿರಿ: ಉಪಲೋಕಾಯುಕ್ತ ನ್ಯಾಯಮೂರ್ತಿ ಬಿ. ವೀರಪ್ಪ ಅವರು ಶುಕ್ರವಾರ ಮಧುಗಿರಿಯ ಕೆಎಸ್ಆರ್‌ಟಿಸಿ, ಖಾಸಗಿ ಬಸ್ ನಿಲ್ದಾಣ, ಸಾರ್ವಜನಿಕ ಆಸ್ಪತ್ರೆ, ಬಾಲಕಿಯರ ವಸತಿ ನಿಲಯಕ್ಕೆ ದಿಢೀರ್ ಭೇಟಿ ನೀಡಿ ಪರಿಶೀಲನೆ ನಡೆಸಿದರು. ಬಿಸಿಎಂ ಇಲಾಖೆಯ ಮೆಟ್ರಿಕ್ ನಂತರದ ಬಾಲಕರ ವಿದ್ಯಾರ್ಥಿ ನಿಲಯಕ್ಕೆ ಭೇಟಿ ನೀಡಿ ಸೌಲಭ್ಯಗಳ ಕುರಿತು ವಿದ್ಯಾರ್ಥಿಗಳಿಂದ ಮಾಹಿತಿ ಪಡೆದರು. ಈ ವೇಳೆ ನಿಲಯ ಸ್ವಚ್ಛತೆ ಕಾಪಾಡದ ಬಗ್ಗೆ ಅಸಮಾಧಾನ ವ್ಯಕ್ತಪಡಿಸಿದ ಅವರು, ಸ್ವಚ್ಛತೆ, ಕುಡಿಯುವ ನೀರು ಹಾಗೂ ಮೂಲಭೂತ ಸೌಕರ್ಯಗಳ ಕೊರತೆ ಬಗ್ಗೆ ಅಧಿಕಾರಿಗಳಿಗೆ ಎಚ್ಚರಿಕೆ ನೀಡಿದರು. ಉಪಲೋಕಾಯುಕ್ತ ನ್ಯಾಯಮೂರ್ತಿ ಬಿ.ವೀರಪ್ಪ ಅವರು ಕೆಎಸ್ಆರ್‌ಟಿಸಿ ಬಸ್ ನಿಲ್ದಾಣಕ್ಕೆ ಭೇಟಿ ನೀಡಿ ಪ್ರಯಾಣಿಕರೊಂದಿಗೆ ಸಂವಾದ ನಡೆಸಿದರು. ತುಮಕೂರು-ಮಧುಗಿರಿ ಮಾರ್ಗದಲ್ಲಿ ಬಸ್‌ಗಳ ಕೊರತೆ ಹೆಚ್ಚಾಗಿದ್ದು, ಶಾಲಾ-ಕಾಲೇಜು ವಿದ್ಯಾರ್ಥಿಗಳಿಗೆ ತೊಂದರೆಯಾಗುತ್ತಿದೆ ಎಂದು ಪ್ರಯಾಣಿಕರು ಅಳಲು ತೋಡಿಕೊಂಡರು. ಕೂಡಲೇ ಹೆಚ್ಚುವರಿ ಬಸ್‌ಗಳನ್ನು ಒದಗಿಸುವಂತೆ ಕೆಎಸ್ಆರ್‌ಟಿಸಿ ಅಧಿಕಾರಿಗಳಿಗೆ ಸೂಚನೆ ನೀಡಿದರು. ಬಸ್ ನಿಲ್ದಾಣದಲ್ಲಿನ ಶೌಚಾಲಯ ಸ್ವಚ್ಛತೆ, ಕುಡಿಯುವ ನೀರಿನ ವ್ಯವಸ್ಥೆ ಕುರಿತು ಪರಿಶೀಲಿಸಿ ತಕ್ಷಣ ಸುಧಾರಣೆ ಮಾಡುವಂತೆ ತಾಕೀತು ಮಾಡಿದರು. ಸಾರ್ವಜನಿಕರ ದೂರುಗಳನ್ನು ಆಲಿಸಿ ಸಂಬಂಧಿಸಿದ ಇಲಾಖಾ ಅಧಿಕಾರಿಗಳಿಗೆ ಸ್ಥಳದಲ್ಲೇ ಪರಿಹಾರ ಕಲ್ಪಿಸುವಂತೆ ಸೂಚಿಸಿದರು.
ಭೇಟಿ ನೀಡಿ ಖಾಸಗಿ ಬಸ್ ನಿಲ್ದಾಣದ ಅಂಗಡಿಗಳನ್ನು ಪರಿಶೀಲಿಸಿದಾಗ, ಅವಧಿ ಮುಗಿದಿರುವ ತಂಪಾದ ಪಾನೀಯಗಳನ್ನು ಮಾರಾಟ ಮಾಡುತ್ತಿರುವುದು ಕಂಡು ಬಂದಿದೆ. ಕೂಡಲೇ ಈ ಬಗ್ಗೆ ಕ್ರಮ ವಹಿಸುವಂತೆ ಆಹಾರ ಸುರಕ್ಷಾ ಅಧಿಕಾರಿಗಳಿಗೆ ನಿರ್ದೇಶನ ನೀಡಿದರು. ನಂತರ ಪ್ರಾಥಮಿಕ ಆರೋಗ್ಯ ಕೇಂದ್ರಕ್ಕೆ ಭೇಟಿ ನೀಡಿದ ಉಪಲೋಕಾಯುಕ್ತರು, ಆಸ್ಪತ್ರೆಯ ಆವರಣದಲ್ಲಿ ಹೊರ ರೋಗಿ ವಿಭಾಗದಲ್ಲಿ ರೋಗಿಗಳ ಸಂಖ್ಯೆ ಹೆಚ್ಚಾಗಿರುವುದನ್ನು ಕಂಡು ತೀವ್ರ ಅಸಮಾಧಾನ ವ್ಯಕ್ತಪಡಿಸಿದರು. ಕೂಡಲೇ ಆಸ್ಪತ್ರೆಯ ಎಲ್ಲಾ ಕೊಠಡಿಗಳನ್ನು ತೆರೆದು ಚಿಕಿತ್ಸೆ ನೀಡುವಂತೆ ಸೂಚಿಸಿದರು. ಆಸ್ಪತ್ರೆಯಲ್ಲಿ ಸ್ವಚ್ಛತೆಯನ್ನು ಕಾಪಾಡದ ಬಗ್ಗೆ ವೈದ್ಯಾಧಿಕಾರಿಗಳಿಗೆ ಎಚ್ಚರಿಕೆ ನೀಡಿದರು. ನಂತರ ಅಂಬೇಡ್ಕರ್ ಭವನಕ್ಕೆ ಭೇಟಿ ನೀಡಿ ಸಾರ್ವಜನಿಕರಿಂದ ಅಹವಾಲು ಸ್ವೀಕರಿಸಿದರು. ಡಾ: ಬಿ.ಆರ್. ಅಂಬೇಡ್ಕರ್ ವಸತಿ ಶಾಲೆ ಹಾಗೂ ಮೆಟ್ರಿಕ್ ಪೂರ್ವ ಬಾಲಕರ ವಿದ್ಯಾರ್ಥಿ ನಿಲಯಕ್ಕೆ ಭೇಟಿ ನೀಡಿದ ಉಪಲೋಕಾಯುಕ್ತರು, ಹಲವು ನ್ಯೂನತೆಗಳನ್ನು ಗುರುತಿಸಿದರು.
ಅವರಿಗೆ ಕುಡಿಯುವ ನೀರಿನ ಆರ್.ಓ. ಪ್ಲಾಂಟ್ ಮತ್ತು ನೀರು ಶೇಖರಣಾ ಟ್ಯಾಂಕ್‌ಗಳನ್ನು ತಿಂಗಳಿಗೊಮ್ಮೆ ಸ್ವಚ್ಛಗೊಳಿಸಬೇಕು. ವಿದ್ಯಾರ್ಥಿಗಳಿಗೆ ನಿಗದಿಪಡಿಸಿದ ಸ್ಥಳದಲ್ಲಿ ಪ್ರಥಮ ಚಿಕಿತ್ಸಾ ಪೆಟ್ಟಿಗೆ ಮತ್ತು ಚಪ್ಪಲಿ ಸ್ಟ್ಯಾಂಡ್ ವ್ಯವಸ್ಥೆ ಕಲ್ಪಿಸಬೇಕು ಎಂದು ಹೇಳಿದರು. ನಿಲಯದ ಮೇಲ್ವಿಚಾರಕರು ವಿದ್ಯಾರ್ಥಿಗಳಿಗೆ ಆಹಾರ ವಿತರಿಸುವ ಮುನ್ನ ಪ್ರತಿದಿನ ತಾವೇ ಆಹಾರವನ್ನು ಸೇವಿಸಿ ಪರೀಕ್ಷಿಸಿ ನಂತರ ವಿತರಿಸಬೇಕು ಎಂದು ಸೂಚನೆ ನೀಡಿದರು. ಪ್ರತಿಯೊಂದು ವಿದ್ಯಾರ್ಥಿನಿಲಯದಲ್ಲಿ ಲೋಕಾಯುಕ್ತ ಸಂಪರ್ಕ ಮಾಹಿತಿ ಇರುವ ಬೋರ್ಡ್ ಅನ್ನು ಕಡ್ಡಾಯವಾಗಿ ಹಾಕಬೇಕು ಎಂದು ಹೇಳಿದರು. ವಿದ್ಯಾರ್ಥಿಗಳೊಂದಿಗೆ ಸಂವಾದ ನಡೆಸಿದ ಉಪಲೋಕಾಯುಕ್ತರು, ವಿದ್ಯಾರ್ಥಿಗಳು ಶಿಸ್ತಿನ ಜೊತೆ ಕಠಿಣ ಪರಿಶ್ರಮದಿಂದ ಓದಿ ಉನ್ನತ ಹುದ್ದೆಗಳನ್ನು ಅಲಂಕರಿಸಬೇಕು. ತಂದೆ-ತಾಯಿಗೆ ಕೀರ್ತಿ ತರಬೇಕು ಎಂದು ಕಿವಿಮಾತು ಹೇಳಿದರು. ನಿಲಯದ ಅಡುಗೆ ಕೋಣೆ ಮತ್ತು ಆಹಾರ ದಾಸ್ತಾನು ಕೊಠಡಿಯನ್ನು ಪರಿಶೀಲಿಸಿ ಗುಣಮಟ್ಟದ ಆಹಾರ ನೀಡುವಂತೆ ಸೂಚಿಸಿದರು.
ಸಹಾಯಕ ಪ್ರಾದೇಶಿಕ ಸಾರಿಗೆ ಕಚೇರಿಗೆ ಭೇಟಿ ನೀಡಿ ಕಚೇರಿಯ ಕಾರ್ಯವೈಖರಿ ಬಗ್ಗೆ ಅಧಿಕಾರಿಗಳಿಂದ ಮಾಹಿತಿ ಪಡೆದುಕೊಂಡರು. ತಾಲೂಕಿನಲ್ಲಿ ಎಷ್ಟು ಶಾಲಾ ವಾಹನಗಳಿಗೆ ಎಫ್‌ಸಿ ನೀಡಲಾಗಿದೆ, ಎಷ್ಟು ವಾಹನಗಳ ಮೇಲೆ ಪ್ರಕರಣ ದಾಖಲಾಗಿದೆ ಎಂದು ಮಾಹಿತಿ ಪಡೆದರು. ಶಾಲಾ ವಾಹನಗಳಲ್ಲಿ ಮಕ್ಕಳ ಸುರಕ್ಷತೆ ಬಗ್ಗೆ ಗಮನ ಹರಿಸುವಂತೆ ಸೂಚಿಸಿದರು. ಸಹಾಯಕ ಪ್ರಾದೇಶಿಕ ಸಾರಿಗೆ ಅಧಿಕಾರಿ ವಿರುದ್ಧ ಕೇಳಿ ಬಂದ ದೂರುಗಳ ಬಗ್ಗೆ ಪರಿಶೀಲನೆ ನಡೆಸಿದರು. ಸಾರ್ವಜನಿಕರು ಲೋಕಾಯುಕ್ತರಿಗೆ ಅನೇಕ ದೂರುಗಳನ್ನು ಸಲ್ಲಿಸಿದ್ದು, ಅಧಿಕಾರಿಗಳು ಕರ್ತವ್ಯ ಲೋಪ ಎಸಗಿದರೆ ಕಠಿಣ ಕ್ರಮ ಕೈಗೊಳ್ಳಲಾಗುವುದು ಎಂದು ಎಚ್ಚರಿಸಿದರು. ಮಧುಗಿರಿ ಪಟ್ಟಣದ ಮಿನಿ ವಿಧಾನಸೌಧದಲ್ಲಿ ಸಾರ್ವಜನಿಕರ ಕುಂದುಕೊರತೆ ಸಭೆ ನಡೆಸಿ ಅಹವಾಲುಗಳನ್ನು ಸ್ವೀಕರಿಸಿದರು. ಸಭೆಯಲ್ಲಿ ಭೂ ಒತ್ತುವರಿ, ಪೌತಿ ಖಾತೆ, ಕಂದಾಯ ದಾಖಲೆಗಳು ಸೇರಿದಂತೆ ಹಲವು ದೂರುಗಳು ಸಲ್ಲಿಕೆಯಾದವು. ಈ ಸಂದರ್ಭದಲ್ಲಿ ಲೋಕಾಯುಕ್ತ ಪೊಲೀಸ್ ಅಧೀಕ್ಷಕ ಲಕ್ಷ್ಮೀನಾರಾಯಣ, ಮಧುಗಿರಿ ಉಪವಿಭಾಗಾಧಿಕಾರಿ ಗೋಟೂರು ಶಿವಪ್ಪ, ತಹಸೀಲ್ದಾರ್ ಶ್ರೀನಿವಾಸ್ ಸೇರಿದಂತೆ ಮತ್ತಿತರ ಅಧಿಕಾರಿಗಳು ಉಪಸ್ಥಿತರಿದ್ದರು.
